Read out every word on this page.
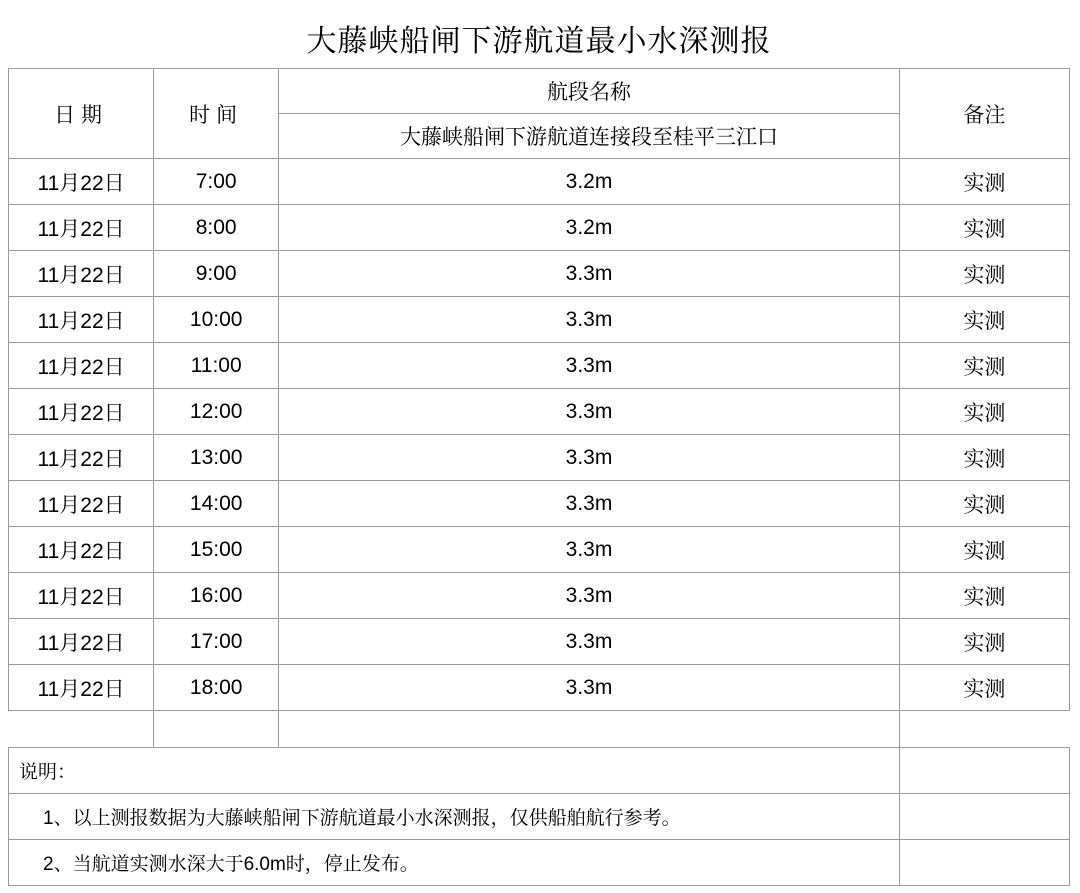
大藤峡船闸下游航道最小水深测报			
日期	时间	航段名称	备注
		大藤峡船闸下游航道连接段至桂平三江口	
11月22日	7:00	3.2m	实测
11月22日	8:00	3.2m	实测
11月22日	9:00	3.3m	实测
11月22日	10:00	3.3m	实测
11月22日	11:00	3.3m	实测
11月22日	12:00	3.3m	实测
11月22日	13:00	3.3m	实测
11月22日	14:00	3.3m	实测
11月22日	15:00	3.3m	实测
11月22日	16:00	3.3m	实测
11月22日	17:00	3.3m	实测
11月22日	18:00	3.3m	实测

说明：			
1、以上测报数据为大藤峡船闸下游航道最小水深测报，仅供船舶航行参考。			
2、当航道实测水深大于6.0m时，停止发布。			
